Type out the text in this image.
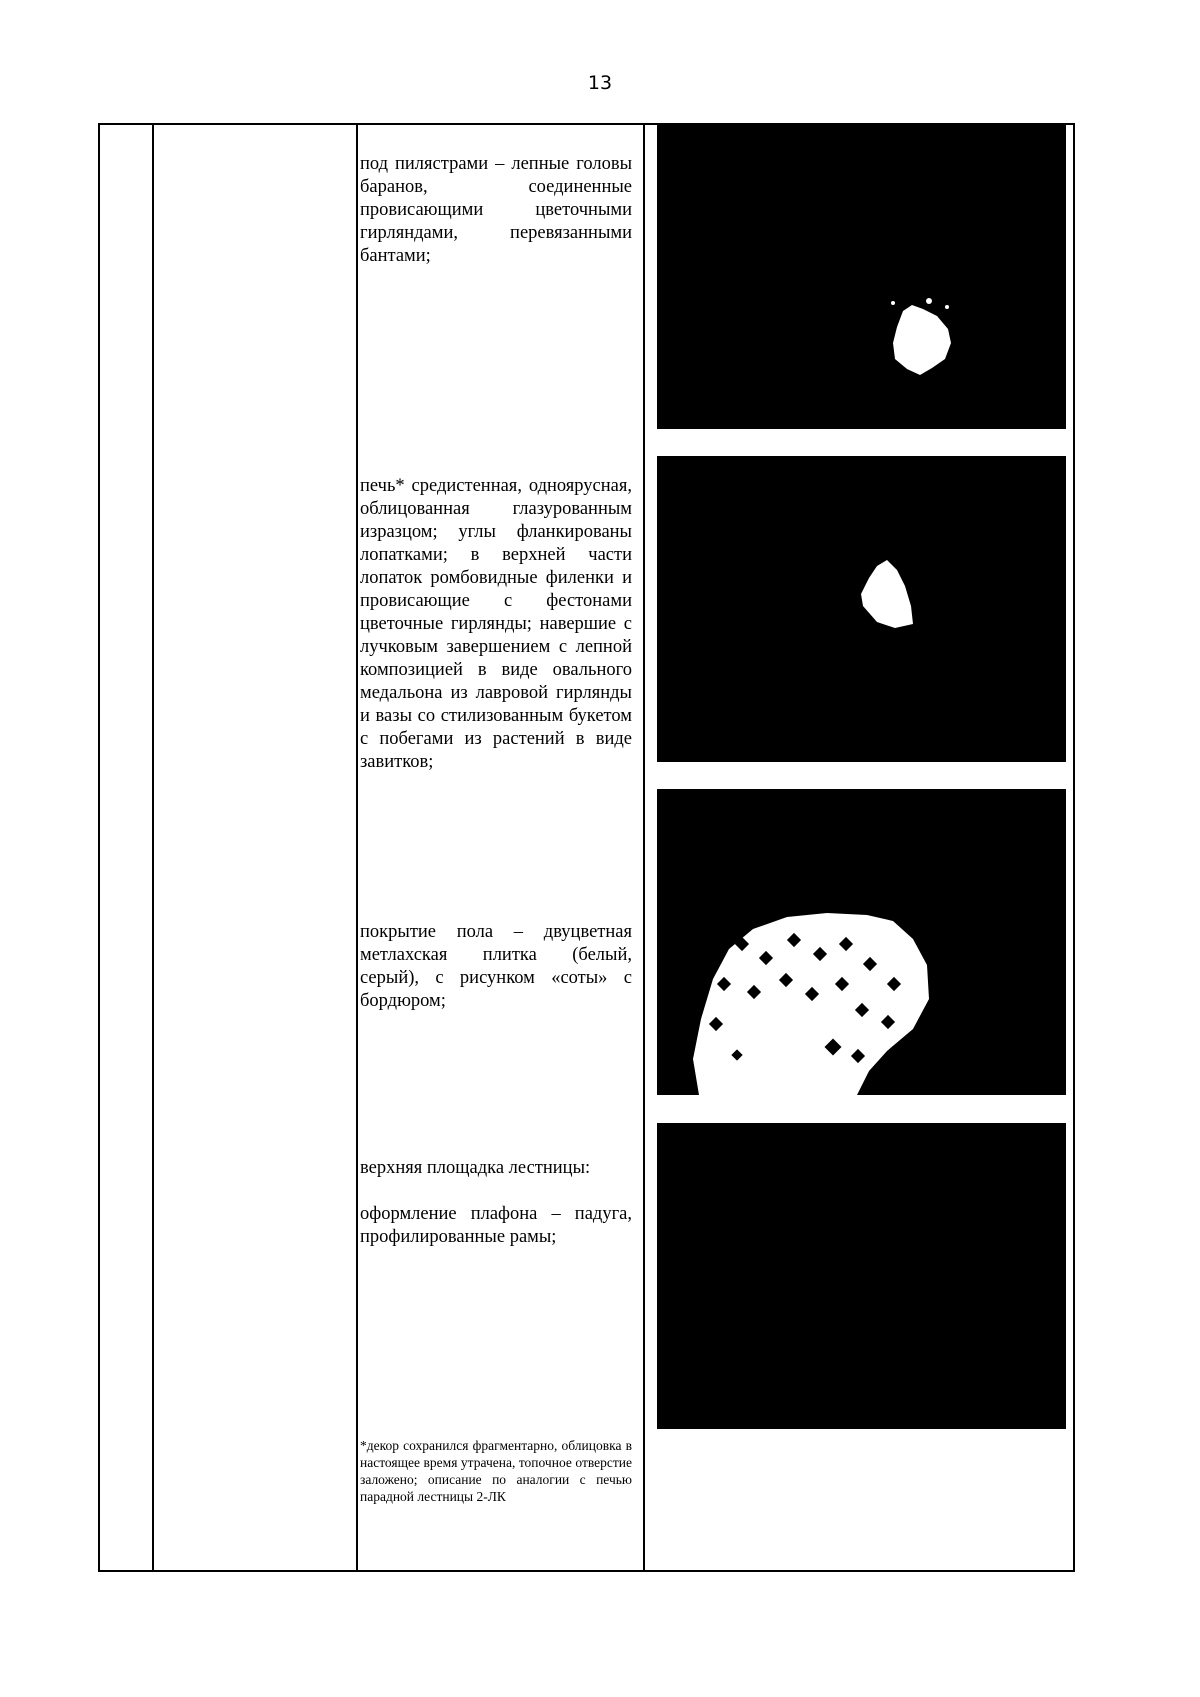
13

под пилястрами – лепные головы баранов, соединенные провисающими цветочными гирляндами, перевязанными бантами;

печь* средистенная, одноярусная, облицованная глазурованным изразцом; углы фланкированы лопатками; в верхней части лопаток ромбовидные филенки и провисающие с фестонами цветочные гирлянды; навершие с лучковым завершением с лепной композицией в виде овального медальона из лавровой гирлянды и вазы со стилизованным букетом с побегами из растений в виде завитков;

покрытие пола – двуцветная метлахская плитка (белый, серый), с рисунком «соты» с бордюром;

верхняя площадка лестницы:

оформление плафона – падуга, профилированные рамы;

*декор сохранился фрагментарно, облицовка в настоящее время утрачена, топочное отверстие заложено; описание по аналогии с печью парадной лестницы 2-ЛК
